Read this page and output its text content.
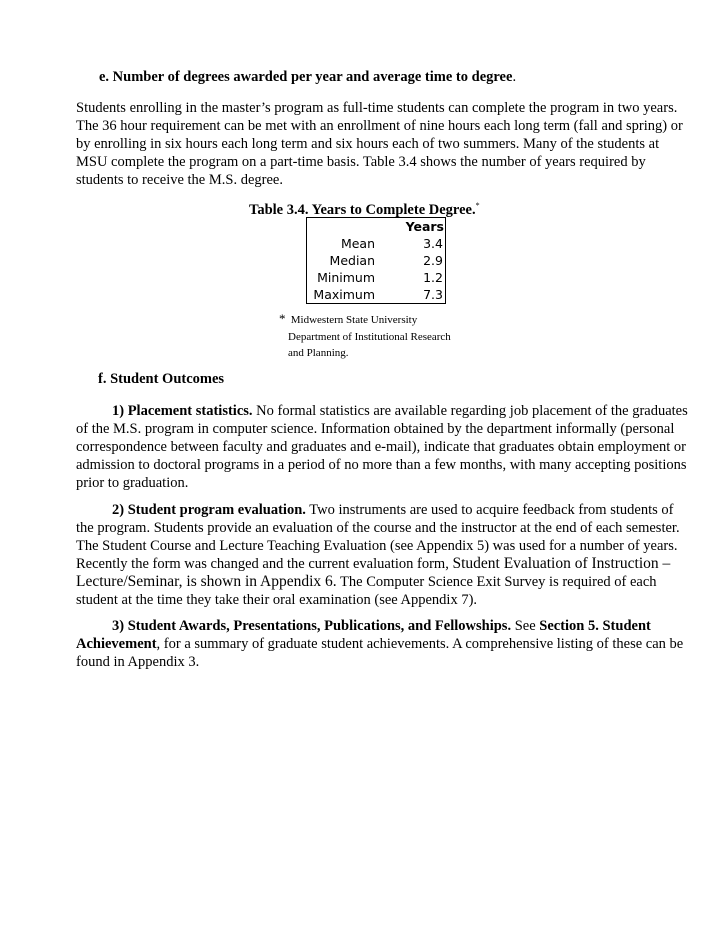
e. Number of degrees awarded per year and average time to degree.

Students enrolling in the master’s program as full-time students can complete the program in two years. The 36 hour requirement can be met with an enrollment of nine hours each long term (fall and spring) or by enrolling in six hours each long term and six hours each of two summers. Many of the students at MSU complete the program on a part-time basis. Table 3.4 shows the number of years required by students to receive the M.S. degree.

Table 3.4. Years to Complete Degree.*
	Years
Mean	3.4
Median	2.9
Minimum	1.2
Maximum	7.3
* Midwestern State University
Department of Institutional Research
and Planning.
f. Student Outcomes

1) Placement statistics. No formal statistics are available regarding job placement of the graduates of the M.S. program in computer science. Information obtained by the department informally (personal correspondence between faculty and graduates and e-mail), indicate that graduates obtain employment or admission to doctoral programs in a period of no more than a few months, with many accepting positions prior to graduation.

2) Student program evaluation. Two instruments are used to acquire feedback from students of the program. Students provide an evaluation of the course and the instructor at the end of each semester. The Student Course and Lecture Teaching Evaluation (see Appendix 5) was used for a number of years. Recently the form was changed and the current evaluation form, Student Evaluation of Instruction – Lecture/Seminar, is shown in Appendix 6. The Computer Science Exit Survey is required of each student at the time they take their oral examination (see Appendix 7).

3) Student Awards, Presentations, Publications, and Fellowships. See Section 5. Student Achievement, for a summary of graduate student achievements. A comprehensive listing of these can be found in Appendix 3.
